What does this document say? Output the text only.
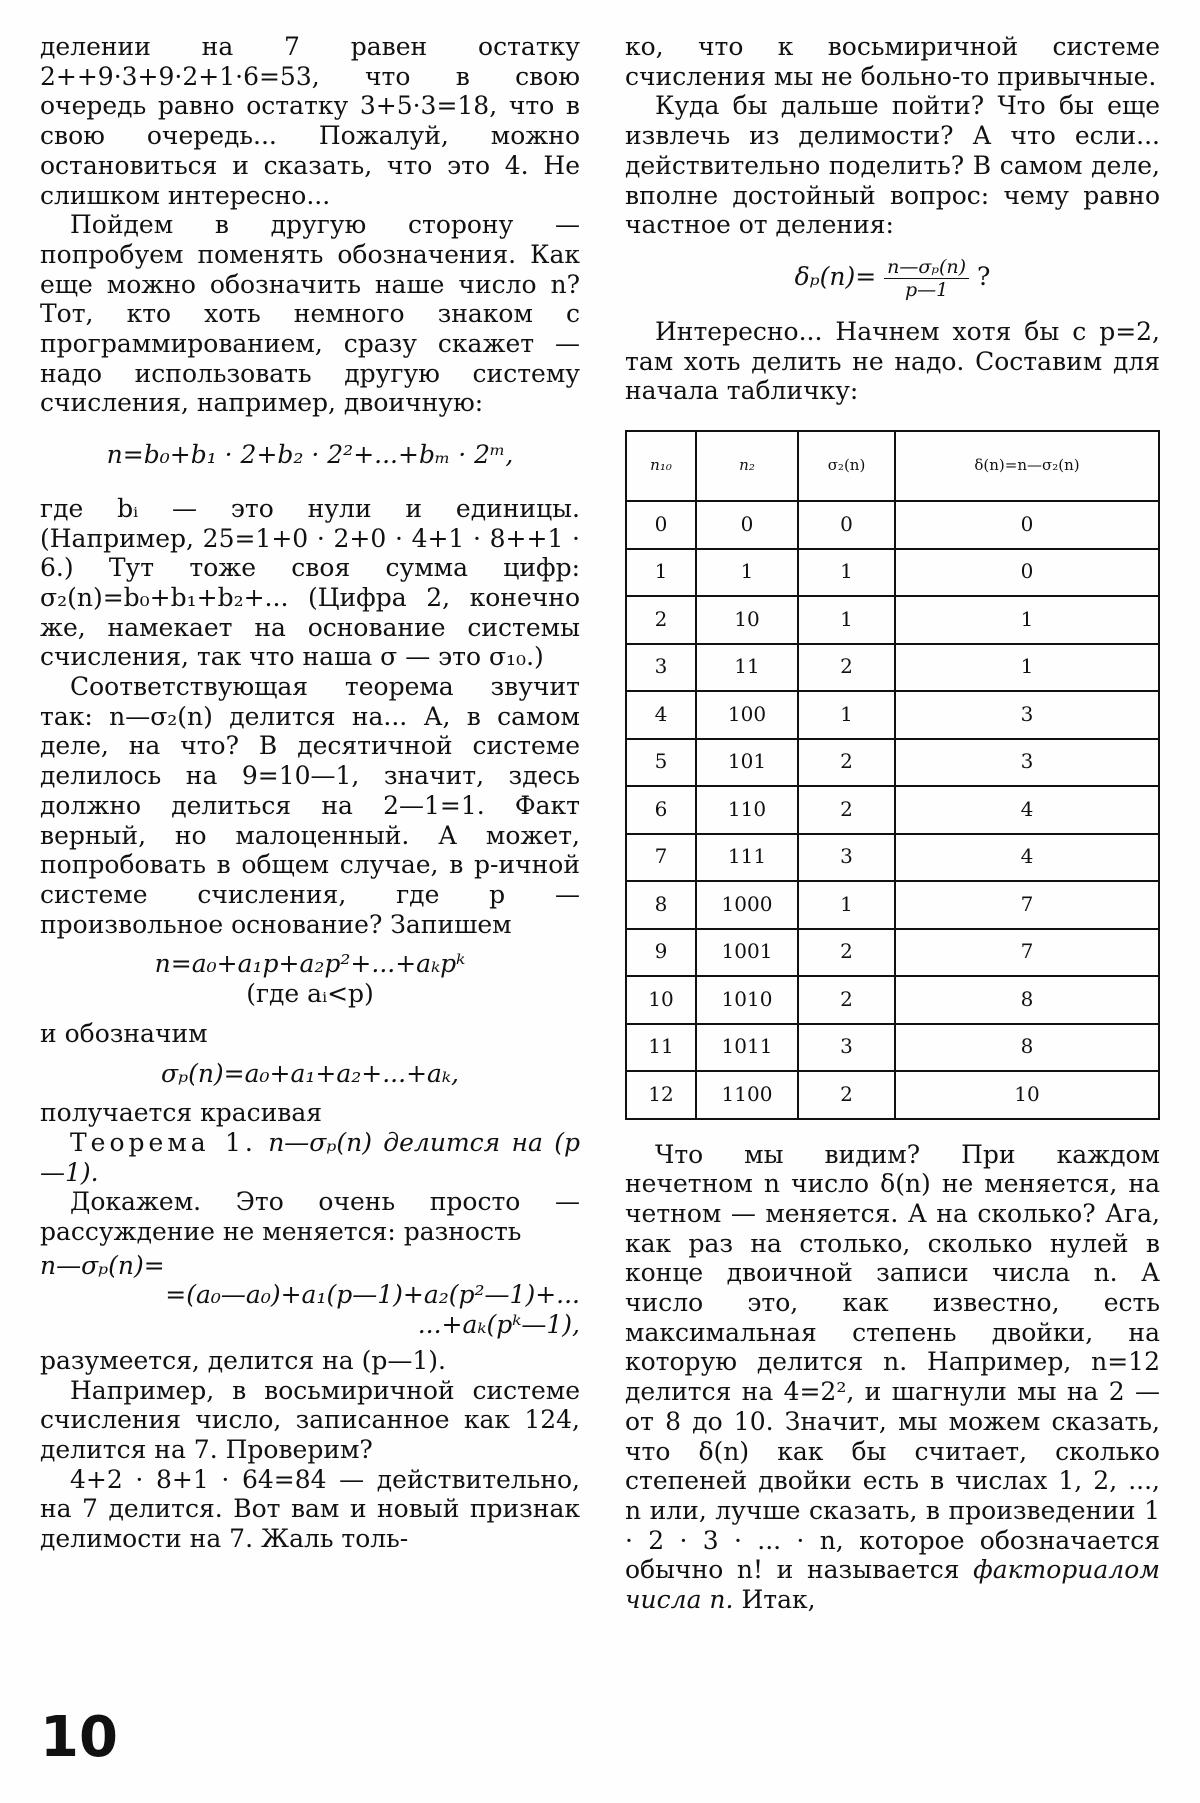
делении на 7 равен остатку 2++9·3+9·2+1·6=53, что в свою очередь равно остатку 3+5·3=18, что в свою очередь... Пожалуй, можно остановиться и сказать, что это 4. Не слишком интересно...

Пойдем в другую сторону — попробуем поменять обозначения. Как еще можно обозначить наше число n? Тот, кто хоть немного знаком с программированием, сразу скажет — надо использовать другую систему счисления, например, двоичную:

n=b₀+b₁ · 2+b₂ · 2²+...+bₘ · 2ᵐ,

где bᵢ — это нули и единицы. (Например, 25=1+0 · 2+0 · 4+1 · 8++1 · 6.) Тут тоже своя сумма цифр: σ₂(n)=b₀+b₁+b₂+... (Цифра 2, конечно же, намекает на основание системы счисления, так что наша σ — это σ₁₀.)

Соответствующая теорема звучит так: n—σ₂(n) делится на... А, в самом деле, на что? В десятичной системе делилось на 9=10—1, значит, здесь должно делиться на 2—1=1. Факт верный, но малоценный. А может, попробовать в общем случае, в p-ичной системе счисления, где p — произвольное основание? Запишем

n=a₀+a₁p+a₂p²+...+aₖpᵏ
(где aᵢ<p)

и обозначим

σₚ(n)=a₀+a₁+a₂+...+aₖ,

получается красивая

Теорема 1. n—σₚ(n) делится на (p—1).

Докажем. Это очень просто — рассуждение не меняется: разность

n—σₚ(n)=
=(a₀—a₀)+a₁(p—1)+a₂(p²—1)+...
...+aₖ(pᵏ—1),

разумеется, делится на (p—1).

Например, в восьмиричной системе счисления число, записанное как 124, делится на 7. Проверим?

4+2 · 8+1 · 64=84 — действительно, на 7 делится. Вот вам и новый признак делимости на 7. Жаль толь-

ко, что к восьмиричной системе счисления мы не больно-то привычные.

Куда бы дальше пойти? Что бы еще извлечь из делимости? А что если... действительно поделить? В самом деле, вполне достойный вопрос: чему равно частное от деления:

$\delta_p(n)= \frac{\text{n—σₚ(n)}}{p—1}$ ?

Интересно... Начнем хотя бы с p=2, там хоть делить не надо. Составим для начала табличку:

n₁₀	n₂	σ₂(n)	δ(n)=n—σ₂(n)
0	0	0	0
1	1	1	0
2	10	1	1
3	11	2	1
4	100	1	3
5	101	2	3
6	110	2	4
7	111	3	4
8	1000	1	7
9	1001	2	7
10	1010	2	8
11	1011	3	8
12	1100	2	10

Что мы видим? При каждом нечетном n число δ(n) не меняется, на четном — меняется. А на сколько? Ага, как раз на столько, сколько нулей в конце двоичной записи числа n. А число это, как известно, есть максимальная степень двойки, на которую делится n. Например, n=12 делится на 4=2², и шагнули мы на 2 — от 8 до 10. Значит, мы можем сказать, что δ(n) как бы считает, сколько степеней двойки есть в числах 1, 2, ..., n или, лучше сказать, в произведении 1 · 2 · 3 · ... · n, которое обозначается обычно n! и называется факториалом числа n. Итак,

10
